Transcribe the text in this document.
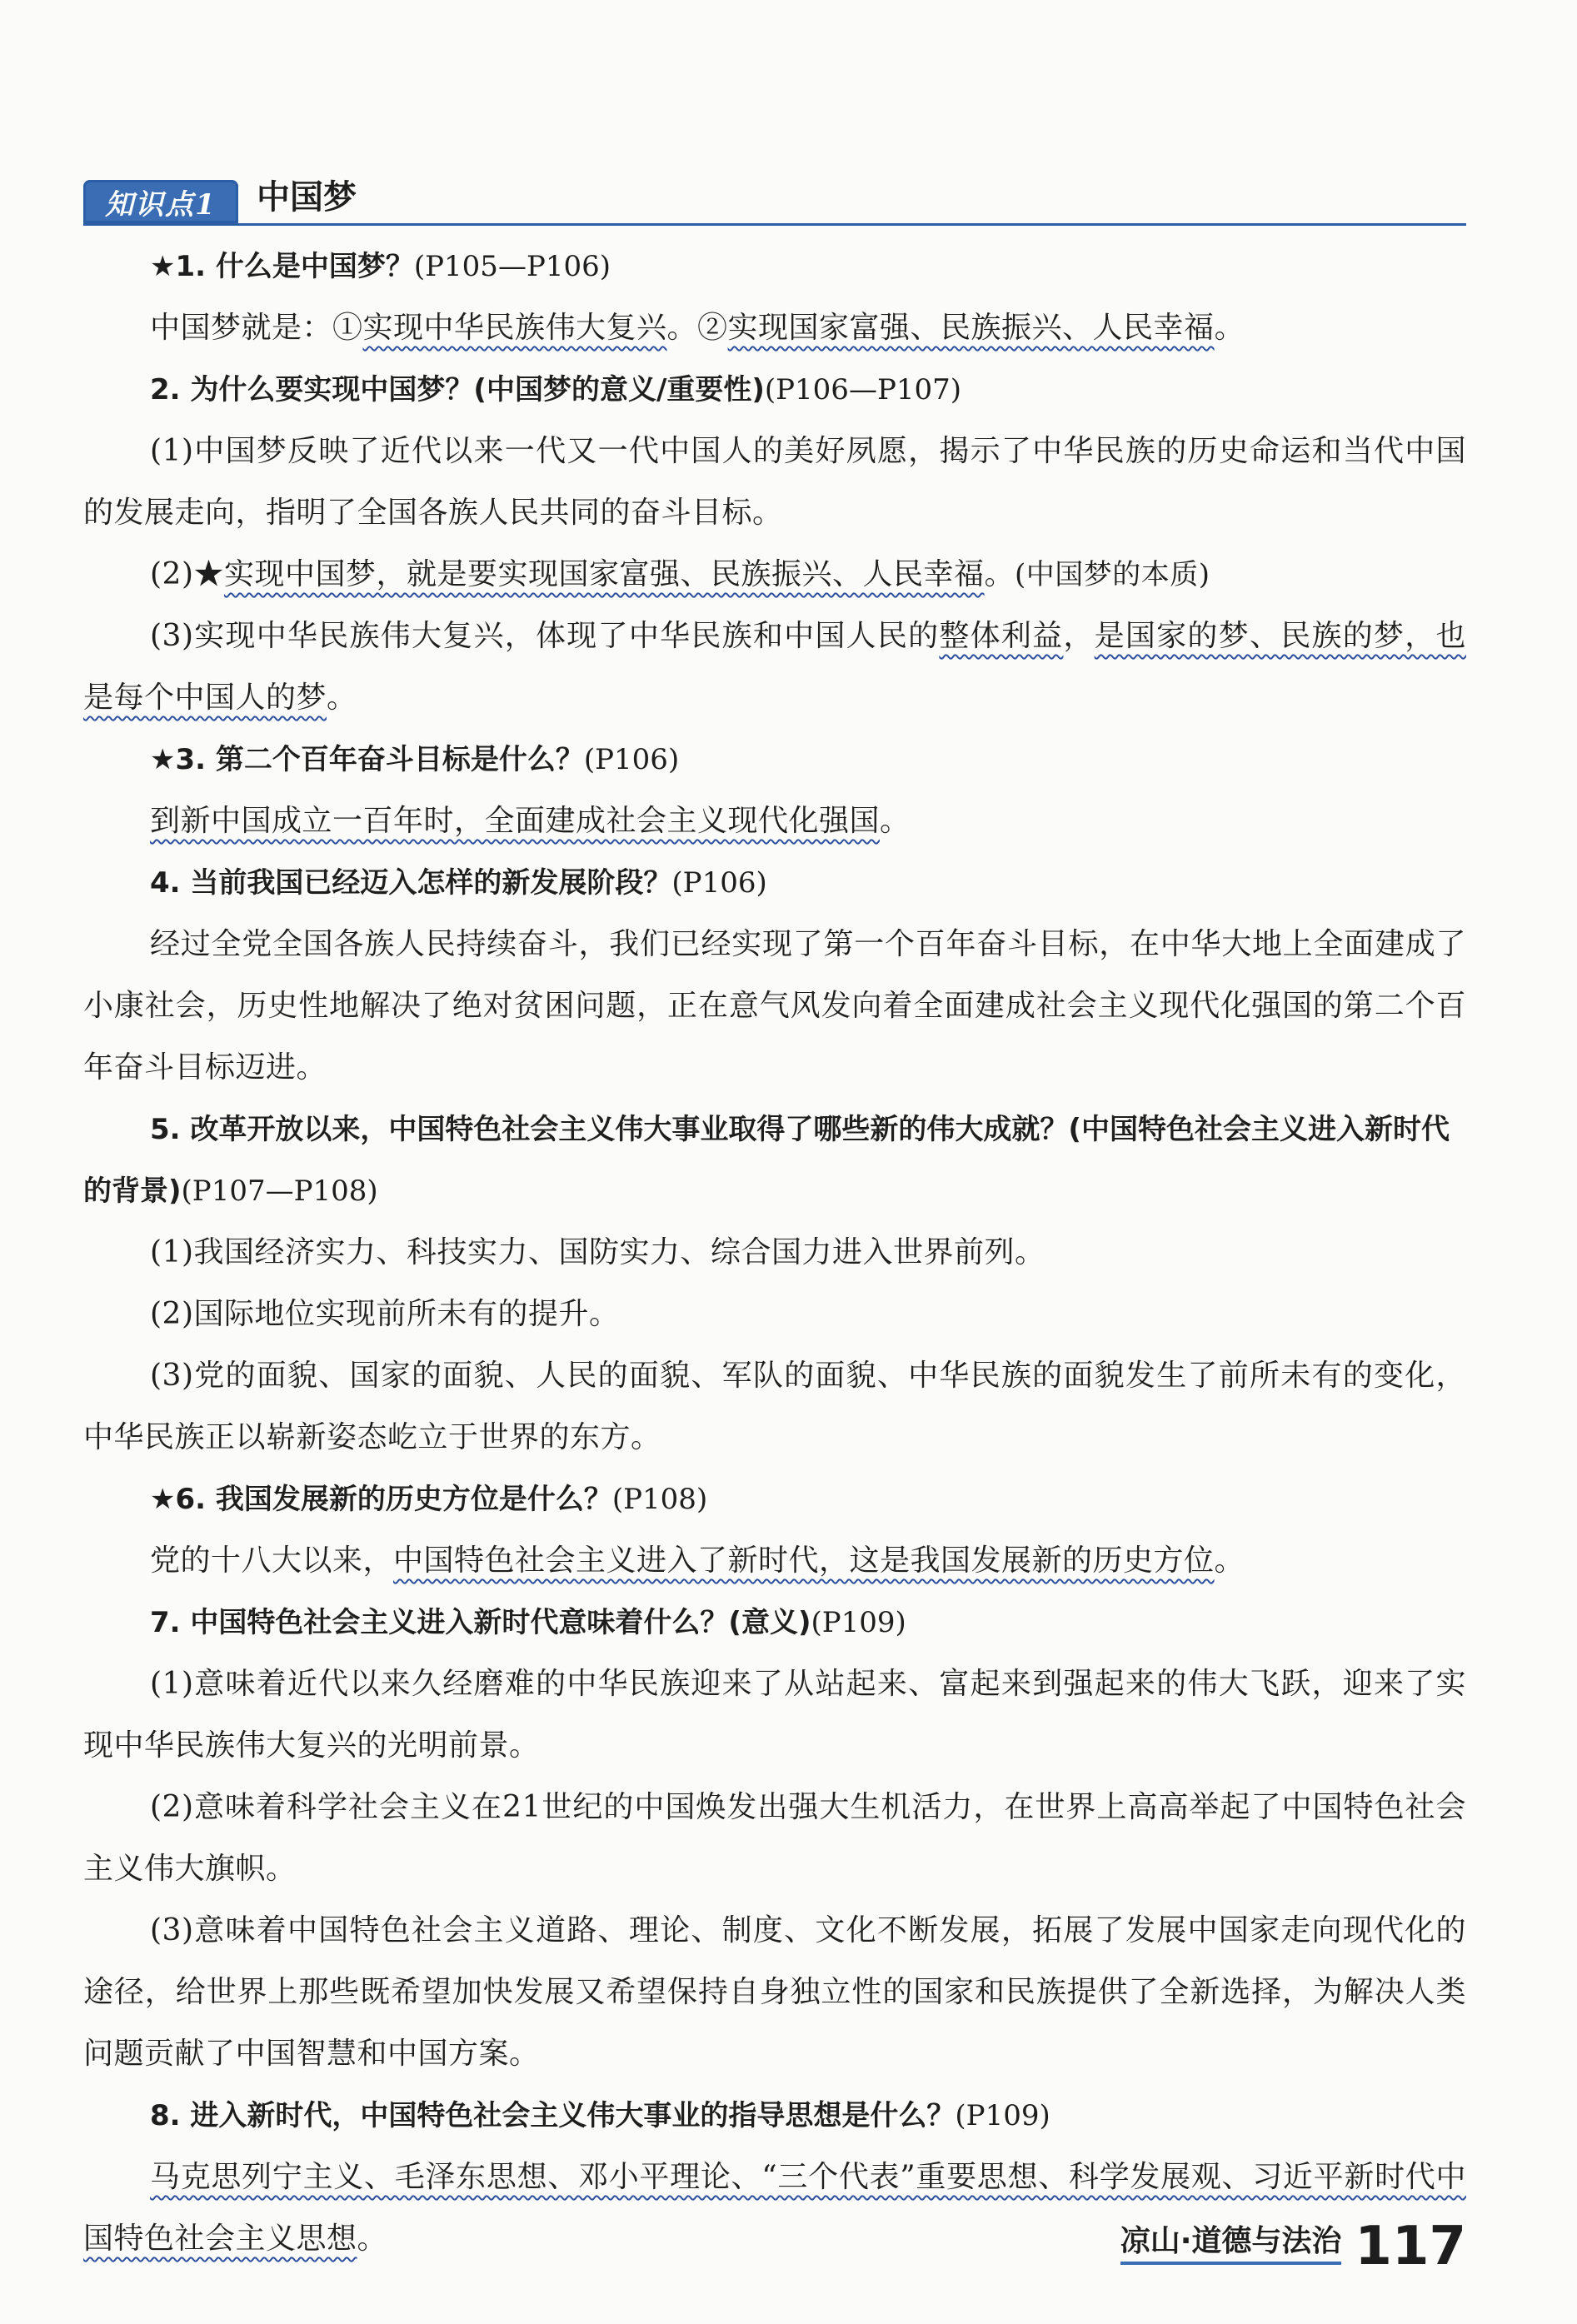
知识点1	中国梦
★1. 什么是中国梦？(P105—P106)
中国梦就是：①实现中华民族伟大复兴。②实现国家富强、民族振兴、人民幸福。
2. 为什么要实现中国梦？(中国梦的意义/重要性)(P106—P107)
(1)中国梦反映了近代以来一代又一代中国人的美好夙愿，揭示了中华民族的历史命运和当代中国的发展走向，指明了全国各族人民共同的奋斗目标。
(2)★实现中国梦，就是要实现国家富强、民族振兴、人民幸福。(中国梦的本质)
(3)实现中华民族伟大复兴，体现了中华民族和中国人民的整体利益，是国家的梦、民族的梦，也是每个中国人的梦。
★3. 第二个百年奋斗目标是什么？(P106)
到新中国成立一百年时，全面建成社会主义现代化强国。
4. 当前我国已经迈入怎样的新发展阶段？(P106)
经过全党全国各族人民持续奋斗，我们已经实现了第一个百年奋斗目标，在中华大地上全面建成了小康社会，历史性地解决了绝对贫困问题，正在意气风发向着全面建成社会主义现代化强国的第二个百年奋斗目标迈进。
5. 改革开放以来，中国特色社会主义伟大事业取得了哪些新的伟大成就？(中国特色社会主义进入新时代的背景)(P107—P108)
(1)我国经济实力、科技实力、国防实力、综合国力进入世界前列。
(2)国际地位实现前所未有的提升。
(3)党的面貌、国家的面貌、人民的面貌、军队的面貌、中华民族的面貌发生了前所未有的变化，中华民族正以崭新姿态屹立于世界的东方。
★6. 我国发展新的历史方位是什么？(P108)
党的十八大以来，中国特色社会主义进入了新时代，这是我国发展新的历史方位。
7. 中国特色社会主义进入新时代意味着什么？(意义)(P109)
(1)意味着近代以来久经磨难的中华民族迎来了从站起来、富起来到强起来的伟大飞跃，迎来了实现中华民族伟大复兴的光明前景。
(2)意味着科学社会主义在21世纪的中国焕发出强大生机活力，在世界上高高举起了中国特色社会主义伟大旗帜。
(3)意味着中国特色社会主义道路、理论、制度、文化不断发展，拓展了发展中国家走向现代化的途径，给世界上那些既希望加快发展又希望保持自身独立性的国家和民族提供了全新选择，为解决人类问题贡献了中国智慧和中国方案。
8. 进入新时代，中国特色社会主义伟大事业的指导思想是什么？(P109)
马克思列宁主义、毛泽东思想、邓小平理论、“三个代表”重要思想、科学发展观、习近平新时代中国特色社会主义思想。	凉山·道德与法治 117
